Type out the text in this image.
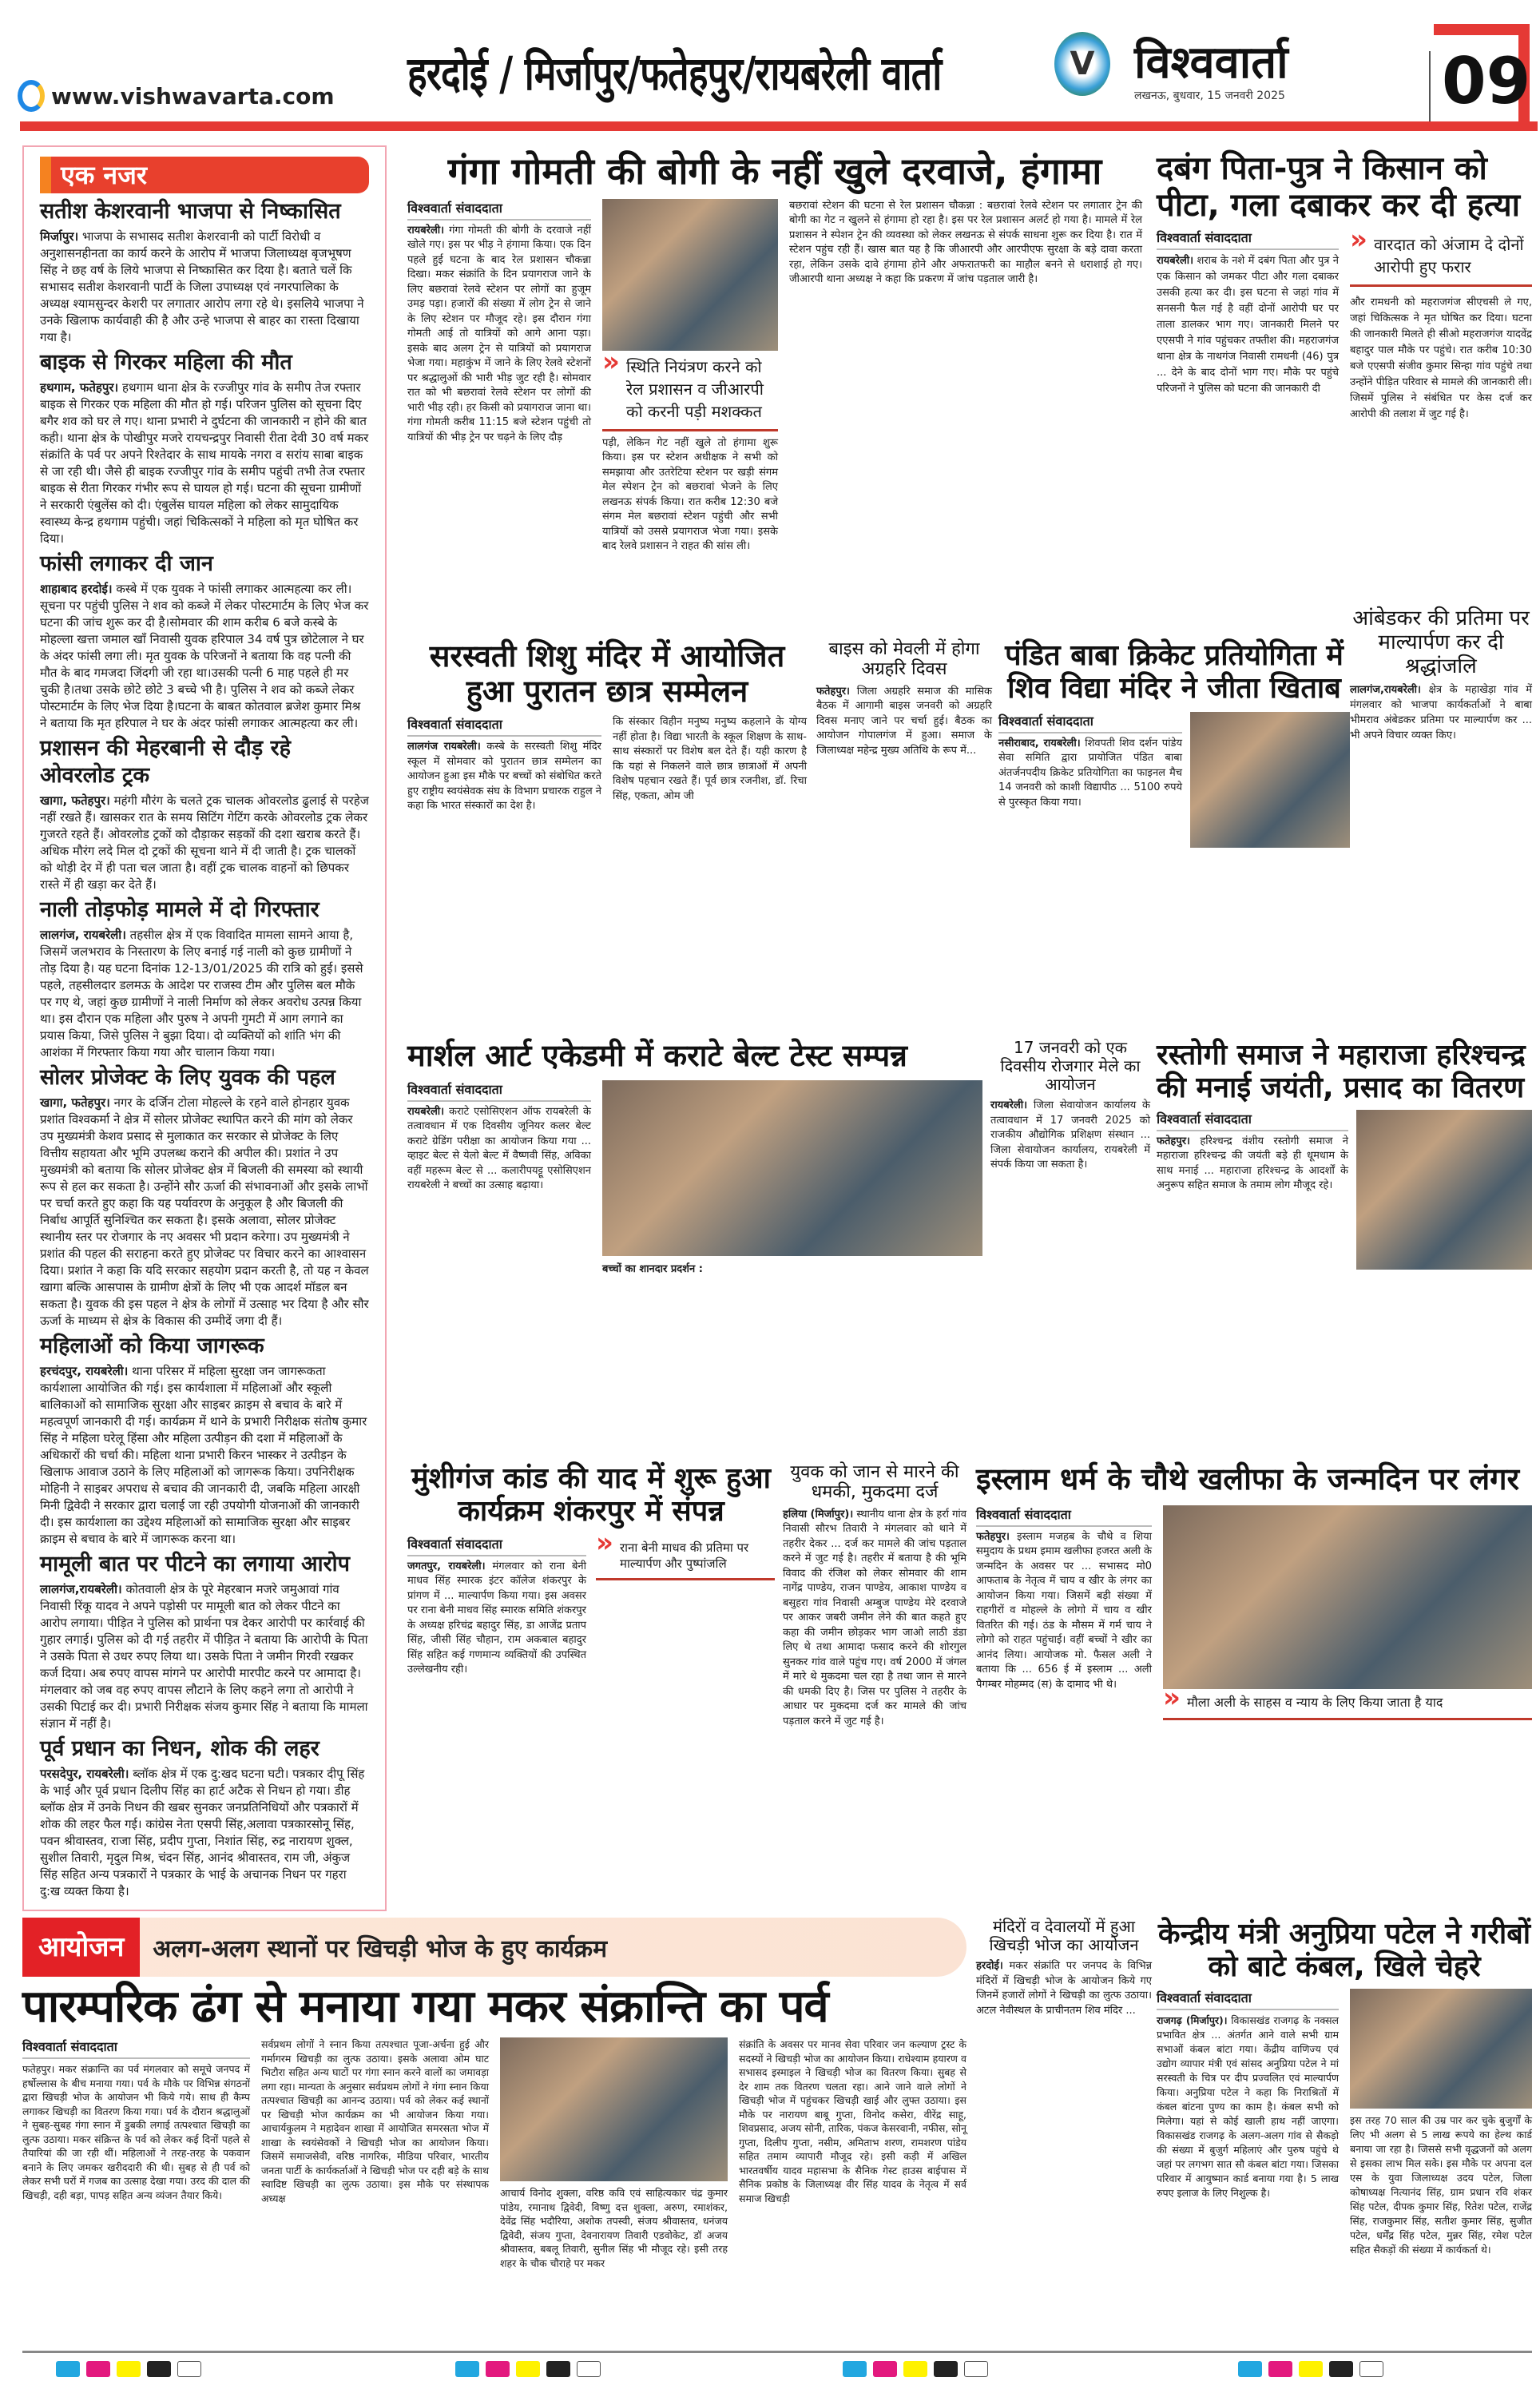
www.vishwavarta.com हरदोई / मिर्जापुर/फतेहपुर/रायबरेली वार्ता	V विश्ववार्ता
लखनऊ, बुधवार, 15 जनवरी 2025 09
एक नजर
सतीश केशरवानी भाजपा से निष्कासित

मिर्जापुर। भाजपा के सभासद सतीश केशरवानी को पार्टी विरोधी व अनुशासनहीनता का कार्य करने के आरोप में भाजपा जिलाध्यक्ष बृजभूषण सिंह ने छह वर्ष के लिये भाजपा से निष्कासित कर दिया है। बताते चलें कि सभासद सतीश केशरवानी पार्टी के जिला उपाध्यक्ष एवं नगरपालिका के अध्यक्ष श्यामसुन्दर केशरी पर लगातार आरोप लगा रहे थे। इसलिये भाजपा ने उनके खिलाफ कार्यवाही की है और उन्हे भाजपा से बाहर का रास्ता दिखाया गया है।

बाइक से गिरकर महिला की मौत

हथगाम, फतेहपुर। हथगाम थाना क्षेत्र के रज्जीपुर गांव के समीप तेज रफ्तार बाइक से गिरकर एक महिला की मौत हो गई। परिजन पुलिस को सूचना दिए बगैर शव को घर ले गए। थाना प्रभारी ने दुर्घटना की जानकारी न होने की बात कही। थाना क्षेत्र के पोखीपुर मजरे रायचन्द्रपुर निवासी रीता देवी 30 वर्ष मकर संक्रांति के पर्व पर अपने रिश्तेदार के साथ मायके नगरा व सरांय साबा बाइक से जा रही थी। जैसे ही बाइक रज्जीपुर गांव के समीप पहुंची तभी तेज रफ्तार बाइक से रीता गिरकर गंभीर रूप से घायल हो गई। घटना की सूचना ग्रामीणों ने सरकारी एंबुलेंस को दी। एंबुलेंस घायल महिला को लेकर सामुदायिक स्वास्थ्य केन्द्र हथगाम पहुंची। जहां चिकित्सकों ने महिला को मृत घोषित कर दिया।

फांसी लगाकर दी जान

शाहाबाद हरदोई। कस्बे में एक युवक ने फांसी लगाकर आत्महत्या कर ली। सूचना पर पहुंची पुलिस ने शव को कब्जे में लेकर पोस्टमार्टम के लिए भेज कर घटना की जांच शुरू कर दी है।सोमवार की शाम करीब 6 बजे कस्बे के मोहल्ला खत्ता जमाल खाँ निवासी युवक हरिपाल 34 वर्ष पुत्र छोटेलाल ने घर के अंदर फांसी लगा ली। मृत युवक के परिजनों ने बताया कि वह पत्नी की मौत के बाद गमजदा जिंदगी जी रहा था।उसकी पत्नी 6 माह पहले ही मर चुकी है।तथा उसके छोटे छोटे 3 बच्चे भी है। पुलिस ने शव को कब्जे लेकर पोस्टमार्टम के लिए भेज दिया है।घटना के बाबत कोतवाल ब्रजेश कुमार मिश्र ने बताया कि मृत हरिपाल ने घर के अंदर फांसी लगाकर आत्महत्या कर ली।

प्रशासन की मेहरबानी से दौड़ रहे ओवरलोड ट्रक

खागा, फतेहपुर। महंगी मौरंग के चलते ट्रक चालक ओवरलोड ढुलाई से परहेज नहीं रखते हैं। खासकर रात के समय सिटिंग गेटिंग करके ओवरलोड ट्रक लेकर गुजरते रहते हैं। ओवरलोड ट्रकों को दौड़ाकर सड़कों की दशा खराब करते हैं। अधिक मौरंग लदे मिल दो ट्रकों की सूचना थाने में दी जाती है। ट्रक चालकों को थोड़ी देर में ही पता चल जाता है। वहीं ट्रक चालक वाहनों को छिपकर रास्ते में ही खड़ा कर देते हैं।

नाली तोड़फोड़ मामले में दो गिरफ्तार

लालगंज, रायबरेली। तहसील क्षेत्र में एक विवादित मामला सामने आया है, जिसमें जलभराव के निस्तारण के लिए बनाई गई नाली को कुछ ग्रामीणों ने तोड़ दिया है। यह घटना दिनांक 12-13/01/2025 की रात्रि को हुई। इससे पहले, तहसीलदार डलमऊ के आदेश पर राजस्व टीम और पुलिस बल मौके पर गए थे, जहां कुछ ग्रामीणों ने नाली निर्माण को लेकर अवरोध उत्पन्न किया था। इस दौरान एक महिला और पुरुष ने अपनी गुमटी में आग लगाने का प्रयास किया, जिसे पुलिस ने बुझा दिया। दो व्यक्तियों को शांति भंग की आशंका में गिरफ्तार किया गया और चालान किया गया।

सोलर प्रोजेक्ट के लिए युवक की पहल

खागा, फतेहपुर। नगर के दर्जिन टोला मोहल्ले के रहने वाले होनहार युवक प्रशांत विश्वकर्मा ने क्षेत्र में सोलर प्रोजेक्ट स्थापित करने की मांग को लेकर उप मुख्यमंत्री केशव प्रसाद से मुलाकात कर सरकार से प्रोजेक्ट के लिए वित्तीय सहायता और भूमि उपलब्ध कराने की अपील की। प्रशांत ने उप मुख्यमंत्री को बताया कि सोलर प्रोजेक्ट क्षेत्र में बिजली की समस्या को स्थायी रूप से हल कर सकता है। उन्होंने सौर ऊर्जा की संभावनाओं और इसके लाभों पर चर्चा करते हुए कहा कि यह पर्यावरण के अनुकूल है और बिजली की निर्बाध आपूर्ति सुनिश्चित कर सकता है। इसके अलावा, सोलर प्रोजेक्ट स्थानीय स्तर पर रोजगार के नए अवसर भी प्रदान करेगा। उप मुख्यमंत्री ने प्रशांत की पहल की सराहना करते हुए प्रोजेक्ट पर विचार करने का आश्वासन दिया। प्रशांत ने कहा कि यदि सरकार सहयोग प्रदान करती है, तो यह न केवल खागा बल्कि आसपास के ग्रामीण क्षेत्रों के लिए भी एक आदर्श मॉडल बन सकता है। युवक की इस पहल ने क्षेत्र के लोगों में उत्साह भर दिया है और सौर ऊर्जा के माध्यम से क्षेत्र के विकास की उम्मीदें जगा दी हैं।

महिलाओं को किया जागरूक

हरचंदपुर, रायबरेली। थाना परिसर में महिला सुरक्षा जन जागरूकता कार्यशाला आयोजित की गई। इस कार्यशाला में महिलाओं और स्कूली बालिकाओं को सामाजिक सुरक्षा और साइबर क्राइम से बचाव के बारे में महत्वपूर्ण जानकारी दी गई। कार्यक्रम में थाने के प्रभारी निरीक्षक संतोष कुमार सिंह ने महिला घरेलू हिंसा और महिला उत्पीड़न की दशा में महिलाओं के अधिकारों की चर्चा की। महिला थाना प्रभारी किरन भास्कर ने उत्पीड़न के खिलाफ आवाज उठाने के लिए महिलाओं को जागरूक किया। उपनिरीक्षक मोहिनी ने साइबर अपराध से बचाव की जानकारी दी, जबकि महिला आरक्षी मिनी द्विवेदी ने सरकार द्वारा चलाई जा रही उपयोगी योजनाओं की जानकारी दी। इस कार्यशाला का उद्देश्य महिलाओं को सामाजिक सुरक्षा और साइबर क्राइम से बचाव के बारे में जागरूक करना था।

मामूली बात पर पीटने का लगाया आरोप

लालगंज,रायबरेली। कोतवाली क्षेत्र के पूरे मेहरबान मजरे जमुआवां गांव निवासी रिंकू यादव ने अपने पड़ोसी पर मामूली बात को लेकर पीटने का आरोप लगाया। पीड़ित ने पुलिस को प्रार्थना पत्र देकर आरोपी पर कार्रवाई की गुहार लगाई। पुलिस को दी गई तहरीर में पीड़ित ने बताया कि आरोपी के पिता ने उसके पिता से उधर रुपए लिया था। उसके पिता ने जमीन गिरवी रखकर कर्ज दिया। अब रुपए वापस मांगने पर आरोपी मारपीट करने पर आमादा है। मंगलवार को जब वह रुपए वापस लौटाने के लिए कहने लगा तो आरोपी ने उसकी पिटाई कर दी। प्रभारी निरीक्षक संजय कुमार सिंह ने बताया कि मामला संज्ञान में नहीं है।

पूर्व प्रधान का निधन, शोक की लहर

परसदेपुर, रायबरेली। ब्लॉक क्षेत्र में एक दु:खद घटना घटी। पत्रकार दीपू सिंह के भाई और पूर्व प्रधान दिलीप सिंह का हार्ट अटैक से निधन हो गया। डीह ब्लॉक क्षेत्र में उनके निधन की खबर सुनकर जनप्रतिनिधियों और पत्रकारों में शोक की लहर फैल गई। कांग्रेस नेता एसपी सिंह,अलावा पत्रकारसोनू सिंह, पवन श्रीवास्तव, राजा सिंह, प्रदीप गुप्ता, निशांत सिंह, रुद्र नारायण शुक्ल, सुशील तिवारी, मृदुल मिश्र, चंदन सिंह, आनंद श्रीवास्तव, राम जी, अंकुज सिंह सहित अन्य पत्रकारों ने पत्रकार के भाई के अचानक निधन पर गहरा दु:ख व्यक्त किया है।

गंगा गोमती की बोगी के नहीं खुले दरवाजे, हंगामा
विश्ववार्ता संवाददाता

रायबरेली। गंगा गोमती की बोगी के दरवाजे नहीं खोले गए। इस पर भीड़ ने हंगामा किया। एक दिन पहले हुई घटना के बाद रेल प्रशासन चौकन्ना दिखा। मकर संक्रांति के दिन प्रयागराज जाने के लिए बछरावां रेलवे स्टेशन पर लोगों का हुजूम उमड़ पड़ा। हजारों की संख्या में लोग ट्रेन से जाने के लिए स्टेशन पर मौजूद रहे। इस दौरान गंगा गोमती आई तो यात्रियों को आगे आना पड़ा। इसके बाद अलग ट्रेन से यात्रियों को प्रयागराज भेजा गया। महाकुंभ में जाने के लिए रेलवे स्टेशनों पर श्रद्धालुओं की भारी भीड़ जुट रही है। सोमवार रात को भी बछरावां रेलवे स्टेशन पर लोगों की भारी भीड़ रही। हर किसी को प्रयागराज जाना था। गंगा गोमती करीब 11:15 बजे स्टेशन पहुंची तो यात्रियों की भीड़ ट्रेन पर चढ़ने के लिए दौड़

» स्थिति नियंत्रण करने को रेल प्रशासन व जीआरपी को करनी पड़ी मशक्कत

पड़ी, लेकिन गेट नहीं खुले तो हंगामा शुरू किया। इस पर स्टेशन अधीक्षक ने सभी को समझाया और उतरेटिया स्टेशन पर खड़ी संगम मेल स्पेशन ट्रेन को बछरावां भेजने के लिए लखनऊ संपर्क किया। रात करीब 12:30 बजे संगम मेल बछरावां स्टेशन पहुंची और सभी यात्रियों को उससे प्रयागराज भेजा गया। इसके बाद रेलवे प्रशासन ने राहत की सांस ली।

बछरावां स्टेशन की घटना से रेल प्रशासन चौकन्ना : बछरावां रेलवे स्टेशन पर लगातार ट्रेन की बोगी का गेट न खुलने से हंगामा हो रहा है। इस पर रेल प्रशासन अलर्ट हो गया है। मामले में रेल प्रशासन ने स्पेशन ट्रेन की व्यवस्था को लेकर लखनऊ से संपर्क साधना शुरू कर दिया है। रात में स्टेशन पहुंच रही हैं। खास बात यह है कि जीआरपी और आरपीएफ सुरक्षा के बड़े दावा करता रहा, लेकिन उसके दावे हंगामा होने और अफरातफरी का माहौल बनने से धराशाई हो गए। जीआरपी थाना अध्यक्ष ने कहा कि प्रकरण में जांच पड़ताल जारी है।

दबंग पिता-पुत्र ने किसान को पीटा, गला दबाकर कर दी हत्या
विश्ववार्ता संवाददाता

रायबरेली। शराब के नशे में दबंग पिता और पुत्र ने एक किसान को जमकर पीटा और गला दबाकर उसकी हत्या कर दी। इस घटना से जहां गांव में सनसनी फैल गई है वहीं दोनों आरोपी घर पर ताला डालकर भाग गए। जानकारी मिलने पर एएसपी ने गांव पहुंचकर तफ्तीश की। महराजगंज थाना क्षेत्र के नाथगंज निवासी रामधनी (46) पुत्र ... देने के बाद दोनों भाग गए। मौके पर पहुंचे परिजनों ने पुलिस को घटना की जानकारी दी

» वारदात को अंजाम दे दोनों आरोपी हुए फरार

और रामधनी को महराजगंज सीएचसी ले गए, जहां चिकित्सक ने मृत घोषित कर दिया। घटना की जानकारी मिलते ही सीओ महराजगंज यादवेंद्र बहादुर पाल मौके पर पहुंचे। रात करीब 10:30 बजे एएसपी संजीव कुमार सिन्हा गांव पहुंचे तथा उन्होंने पीड़ित परिवार से मामले की जानकारी ली। जिसमें पुलिस ने संबंधित पर केस दर्ज कर आरोपी की तलाश में जुट गई है।

सरस्वती शिशु मंदिर में आयोजित हुआ पुरातन छात्र सम्मेलन
विश्ववार्ता संवाददाता

लालगंज रायबरेली। कस्बे के सरस्वती शिशु मंदिर स्कूल में सोमवार को पुरातन छात्र सम्मेलन का आयोजन हुआ इस मौके पर बच्चों को संबोधित करते हुए राष्ट्रीय स्वयंसेवक संघ के विभाग प्रचारक राहुल ने कहा कि भारत संस्कारों का देश है।

कि संस्कार विहीन मनुष्य मनुष्य कहलाने के योग्य नहीं होता है। विद्या भारती के स्कूल शिक्षण के साथ-साथ संस्कारों पर विशेष बल देते हैं। यही कारण है कि यहां से निकलने वाले छात्र छात्राओं में अपनी विशेष पहचान रखते हैं। पूर्व छात्र रजनीश, डॉ. रिचा सिंह, एकता, ओम जी

बाइस को मेवली में होगा अग्रहरि दिवस

फतेहपुर। जिला अग्रहरि समाज की मासिक बैठक में आगामी बाइस जनवरी को अग्रहरि दिवस मनाए जाने पर चर्चा हुई। बैठक का आयोजन गोपालगंज में हुआ। समाज के जिलाध्यक्ष महेन्द्र मुख्य अतिथि के रूप में...

पंडित बाबा क्रिकेट प्रतियोगिता में शिव विद्या मंदिर ने जीता खिताब
विश्ववार्ता संवाददाता

नसीराबाद, रायबरेली। शिवपती शिव दर्शन पांडेय सेवा समिति द्वारा प्रायोजित पंडित बाबा अंतर्जनपदीय क्रिकेट प्रतियोगिता का फाइनल मैच 14 जनवरी को काशी विद्यापीठ ... 5100 रुपये से पुरस्कृत किया गया।

आंबेडकर की प्रतिमा पर माल्यार्पण कर दी श्रद्धांजलि

लालगंज,रायबरेली। क्षेत्र के महाखेड़ा गांव में मंगलवार को भाजपा कार्यकर्ताओं ने बाबा भीमराव अंबेडकर प्रतिमा पर माल्यार्पण कर ... भी अपने विचार व्यक्त किए।

मार्शल आर्ट एकेडमी में कराटे बेल्ट टेस्ट सम्पन्न
विश्ववार्ता संवाददाता

रायबरेली। कराटे एसोसिएशन ऑफ रायबरेली के तत्वावधान में एक दिवसीय जूनियर कलर बेल्ट कराटे ग्रेडिंग परीक्षा का आयोजन किया गया ... व्हाइट बेल्ट से येलो बेल्ट में वैष्णवी सिंह, अविका वहीं महरूम बेल्ट से ... कलारीपयट्टू एसोसिएशन रायबरेली ने बच्चों का उत्साह बढ़ाया।

बच्चों का शानदार प्रदर्शन :

17 जनवरी को एक दिवसीय रोजगार मेले का आयोजन

रायबरेली। जिला सेवायोजन कार्यालय के तत्वावधान में 17 जनवरी 2025 को राजकीय औद्योगिक प्रशिक्षण संस्थान ... जिला सेवायोजन कार्यालय, रायबरेली में संपर्क किया जा सकता है।

रस्तोगी समाज ने महाराजा हरिश्चन्द्र की मनाई जयंती, प्रसाद का वितरण
विश्ववार्ता संवाददाता

फतेहपुर। हरिश्चन्द्र वंशीय रस्तोगी समाज ने महाराजा हरिश्चन्द्र की जयंती बड़े ही धूमधाम के साथ मनाई ... महाराजा हरिश्चन्द्र के आदर्शों के अनुरूप सहित समाज के तमाम लोग मौजूद रहे।

मुंशीगंज कांड की याद में शुरू हुआ कार्यक्रम शंकरपुर में संपन्न
विश्ववार्ता संवाददाता

जगतपुर, रायबरेली। मंगलवार को राना बेनी माधव सिंह स्मारक इंटर कॉलेज शंकरपुर के प्रांगण में ... माल्यार्पण किया गया। इस अवसर पर राना बेनी माधव सिंह स्मारक समिति शंकरपुर के अध्यक्ष हरिचंद्र बहादुर सिंह, डा आजेंद्र प्रताप सिंह, जीसी सिंह चौहान, राम अकबाल बहादुर सिंह सहित कई गणमान्य व्यक्तियों की उपस्थित उल्लेखनीय रही।

» राना बेनी माधव की प्रतिमा पर माल्यार्पण और पुष्पांजलि
युवक को जान से मारने की धमकी, मुकदमा दर्ज

हलिया (मिर्जापुर)। स्थानीय थाना क्षेत्र के हर्रा गांव निवासी सौरभ तिवारी ने मंगलवार को थाने में तहरीर देकर ... दर्ज कर मामले की जांच पड़ताल करने में जुट गई है। तहरीर में बताया है की भूमि विवाद की रंजिश को लेकर सोमवार की शाम नागेंद्र पाण्डेय, राजन पाण्डेय, आकाश पाण्डेय व बसुहरा गांव निवासी अम्बुज पाण्डेय मेरे दरवाजे पर आकर जबरी जमीन लेने की बात कहते हुए कहा की जमीन छोड़कर भाग जाओ लाठी डंडा लिए थे तथा आमादा फसाद करने की शोरगुल सुनकर गांव वाले पहुंच गए। वर्ष 2000 में जंगल में मारे थे मुकदमा चल रहा है तथा जान से मारने की धमकी दिए है। जिस पर पुलिस ने तहरीर के आधार पर मुकदमा दर्ज कर मामले की जांच पड़ताल करने में जुट गई है।

इस्लाम धर्म के चौथे खलीफा के जन्मदिन पर लंगर
विश्ववार्ता संवाददाता

फतेहपुर। इस्लाम मजहब के चौथे व शिया समुदाय के प्रथम इमाम खलीफा हजरत अली के जन्मदिन के अवसर पर ... सभासद मो0 आफताब के नेतृत्व में चाय व खीर के लंगर का आयोजन किया गया। जिसमें बड़ी संख्या में राहगीरों व मोहल्ले के लोगो में चाय व खीर वितरित की गई। ठंड के मौसम में गर्म चाय ने लोगो को राहत पहुंचाई। वहीं बच्चों ने खीर का आनंद लिया। आयोजक मो. फैसल अली ने बताया कि ... 656 ई में इस्लाम ... अली पैगम्बर मोहम्मद (स) के दामाद भी थे।

» मौला अली के साहस व न्याय के लिए किया जाता है याद
आयोजन	अलग-अलग स्थानों पर खिचड़ी भोज के हुए कार्यक्रम
पारम्परिक ढंग से मनाया गया मकर संक्रान्ति का पर्व
विश्ववार्ता संवाददाता

फतेहपुर। मकर संक्रान्ति का पर्व मंगलवार को समूचे जनपद में हर्षोल्लास के बीच मनाया गया। पर्व के मौके पर विभिन्न संगठनों द्वारा खिचड़ी भोज के आयोजन भी किये गये। साथ ही कैम्प लगाकर खिचड़ी का वितरण किया गया। पर्व के दौरान श्रद्धालुओं ने सुबह-सुबह गंगा स्नान में डुबकी लगाई तत्पश्चात खिचड़ी का लुत्फ उठाया। मकर संक्रिन्त के पर्व को लेकर कई दिनों पहले से तैयारियां की जा रही थीं। महिलाओं ने तरह-तरह के पकवान बनाने के लिए जमकर खरीददारी की थी। सुबह से ही पर्व को लेकर सभी घरों में गजब का उत्साह देखा गया। उरद की दाल की खिचड़ी, दही बड़ा, पापड़ सहित अन्य व्यंजन तैयार किये।

सर्वप्रथम लोगों ने स्नान किया तत्पश्चात पूजा-अर्चना हुई और गर्मागरम खिचड़ी का लुत्फ उठाया। इसके अलावा ओम घाट भिटौरा सहित अन्य घाटों पर गंगा स्नान करने वालों का जमावड़ा लगा रहा। मान्यता के अनुसार सर्वप्रथम लोगों ने गंगा स्नान किया तत्पश्चात खिचड़ी का आनन्द उठाया। पर्व को लेकर कई स्थानों पर खिचड़ी भोज कार्यक्रम का भी आयोजन किया गया। आचार्यकुलम ने महादेवन शाखा में आयोजित समरसता भोज में शाखा के स्वयंसेवकों ने खिचड़ी भोज का आयोजन किया। जिसमें समाजसेवी, वरिष्ठ नागरिक, मीडिया परिवार, भारतीय जनता पार्टी के कार्यकर्ताओं ने खिचड़ी भोज पर दही बड़े के साथ स्वादिष्ट खिचड़ी का लुत्फ उठाया। इस मौके पर संस्थापक अध्यक्ष	आचार्य विनोद शुक्ला, वरिष्ठ कवि एवं साहित्यकार चंद्र कुमार पांडेय, रमानाथ द्विवेदी, विष्णु दत्त शुक्ला, अरुण, रमाशंकर, देवेंद्र सिंह भदौरिया, अशोक तपस्वी, संजय श्रीवास्तव, धनंजय द्विवेदी, संजय गुप्ता, देवनारायण तिवारी एडवोकेट, डॉ अजय श्रीवास्तव, बबलू तिवारी, सुनील सिंह भी मौजूद रहे। इसी तरह शहर के चौक चौराहे पर मकर

संक्रांति के अवसर पर मानव सेवा परिवार जन कल्याण ट्रस्ट के सदस्यों ने खिचड़ी भोज का आयोजन किया। राधेश्याम हयारण व सभासद इस्माइल ने खिचड़ी भोज का वितरण किया। सुबह से देर शाम तक वितरण चलता रहा। आने जाने वाले लोगों ने खिचड़ी भोज में पहुंचकर खिचड़ी खाई और लुफ्त उठाया। इस मौके पर नारायण बाबू गुप्ता, विनोद कसेरा, वीरेंद्र साहू, शिवप्रसाद, अजय सोनी, तारिक, पंकज केसरवानी, नफीस, सोनू गुप्ता, दिलीप गुप्ता, नसीम, अमिताभ शरण, रामशरण पांडेय सहित तमाम व्यापारी मौजूद रहे। इसी कड़ी में अखिल भारतवर्षीय यादव महासभा के सैनिक गेस्ट हाउस बाईपास में सैनिक प्रकोष्ठ के जिलाध्यक्ष वीर सिंह यादव के नेतृत्व में सर्व समाज खिचड़ी

मंदिरों व देवालयों में हुआ खिचड़ी भोज का आयोजन

हरदोई। मकर संक्रांति पर जनपद के विभिन्न मंदिरों में खिचड़ी भोज के आयोजन किये गए जिनमें हजारों लोगों ने खिचड़ी का लुत्फ उठाया। अटल नेवीस्थल के प्राचीनतम शिव मंदिर ...

केन्द्रीय मंत्री अनुप्रिया पटेल ने गरीबों को बाटे कंबल, खिले चेहरे
विश्ववार्ता संवाददाता

राजगढ़ (मिर्जापुर)। विकासखंड राजगढ़ के नक्सल प्रभावित क्षेत्र ... अंतर्गत आने वाले सभी ग्राम सभाओं कंबल बांटा गया। केंद्रीय वाणिज्य एवं उद्योग व्यापार मंत्री एवं सांसद अनुप्रिया पटेल ने मां सरस्वती के चित्र पर दीप प्रज्वलित एवं माल्यार्पण किया। अनुप्रिया पटेल ने कहा कि निराश्रितों में कंबल बांटना पुण्य का काम है। कंबल सभी को मिलेगा। यहां से कोई खाली हाथ नहीं जाएगा। विकासखंड राजगढ़ के अलग-अलग गांव से सैकड़ो की संख्या में बुजुर्ग महिलाएं और पुरुष पहुंचे थे जहां पर लगभग सात सौ कंबल बांटा गया। जिसका परिवार में आयुष्मान कार्ड बनाया गया है। 5 लाख रुपए इलाज के लिए निशुल्क है।

इस तरह 70 साल की उम्र पार कर चुके बुजुर्गों के लिए भी अलग से 5 लाख रूपये का हेल्थ कार्ड बनाया जा रहा है। जिससे सभी वृद्धजनों को अलग से इसका लाभ मिल सके। इस मौके पर अपना दल एस के युवा जिलाध्यक्ष उदय पटेल, जिला कोषाध्यक्ष नित्यानंद सिंह, ग्राम प्रधान रवि शंकर सिंह पटेल, दीपक कुमार सिंह, रितेश पटेल, राजेंद्र सिंह, राजकुमार सिंह, सतीश कुमार सिंह, सुजीत पटेल, धर्मेंद्र सिंह पटेल, मुन्नर सिंह, रमेश पटेल सहित सैकड़ों की संख्या में कार्यकर्ता थे।
